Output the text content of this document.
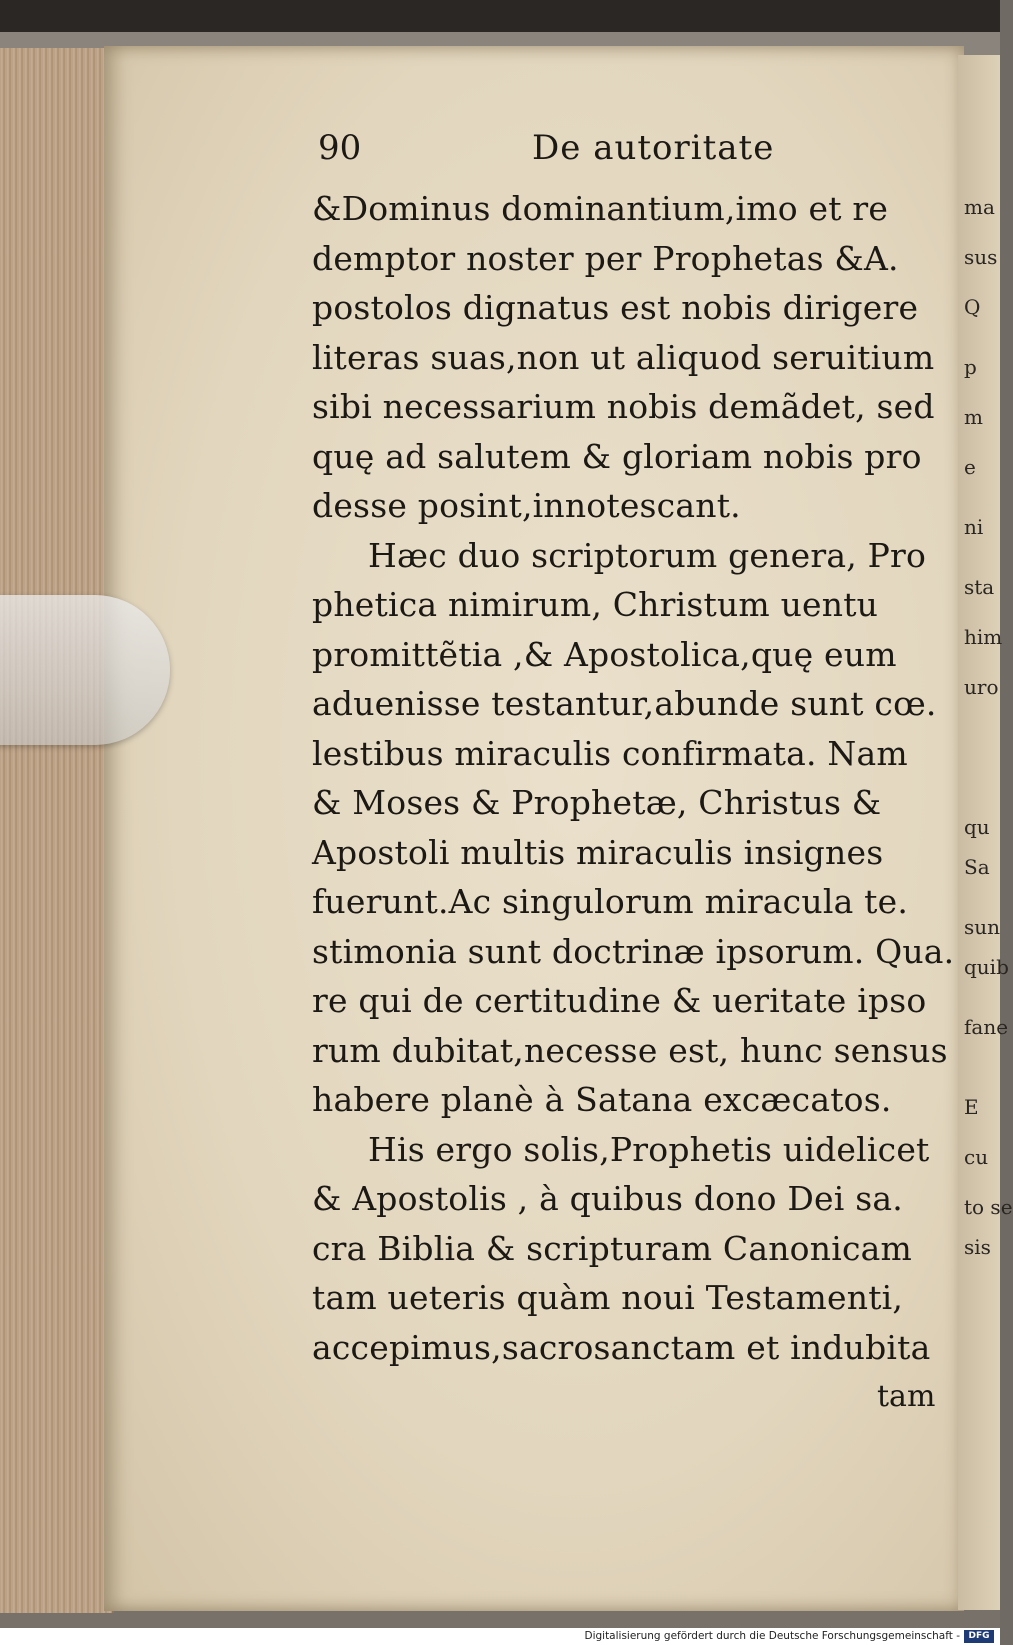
ma
sus
Q
p
m
e
ni
sta
him
uro
qu
Sa
sun
quib
fane
E
cu
to se
sis
90	De autoritate
&Dominus dominantium,imo et re
demptor noster per Prophetas &A.
postolos dignatus est nobis dirigere
literas suas,non ut aliquod seruitium
sibi necessarium nobis demãdet, sed
quę ad salutem & gloriam nobis pro
desse posint,innotescant.
Hæc duo scriptorum genera, Pro
phetica nimirum, Christum uentu
promittẽtia ,& Apostolica,quę eum
aduenisse testantur,abunde sunt cœ.
lestibus miraculis confirmata. Nam
& Moses & Prophetæ, Christus &
Apostoli multis miraculis insignes
fuerunt.Ac singulorum miracula te.
stimonia sunt doctrinæ ipsorum. Qua.
re qui de certitudine & ueritate ipso
rum dubitat,necesse est, hunc sensus
habere planè à Satana excæcatos.
His ergo solis,Prophetis uidelicet
& Apostolis , à quibus dono Dei sa.
cra Biblia & scripturam Canonicam
tam ueteris quàm noui Testamenti,
accepimus,sacrosanctam et indubita
tam
Digitalisierung gefördert durch die Deutsche Forschungsgemeinschaft - DFG
